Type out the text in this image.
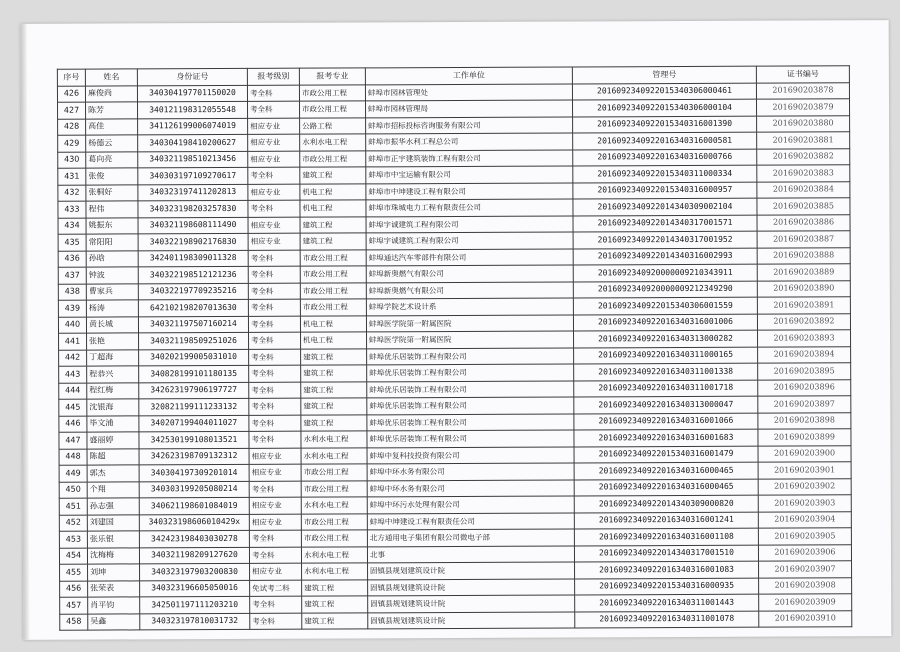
序号	姓名	身份证号	报考级别	报考专业	工作单位	管理号	证书编号
426	麻俊尚	340304197701150020	考全科	市政公用工程	蚌埠市园林管理处	2016092340922015340306000461	2016902038​78
427	陈芳	340121198312055548	考全科	市政公用工程	蚌埠市园林管理局	2016092340922015340306000104	2016902038​79
428	高佳	341126199006074019	相应专业	公路工程	蚌埠市招标投标咨询服务有限公司	2016092340922015340316001390	2016902038​80
429	杨德云	340304198410200627	相应专业	水利水电工程	蚌埠市振华水利工程总公司	2016092340922016340316000581	2016902038​81
430	葛向亮	340321198510213456	相应专业	市政公用工程	蚌埠市正宇建筑装饰工程有限公司	2016092340922016340316000766	2016902038​82
431	张俊	340303197109270617	考全科	建筑工程	蚌埠市中宝运输有限公司	2016092340922015340311000334	2016902038​83
432	张桐好	340323197411202813	相应专业	机电工程	蚌埠市中坤建设工程有限公司	2016092340922015340316000957	2016902038​84
433	程伟	340323198203257830	考全科	机电工程	蚌埠市珠城电力工程有限责任公司	2016092340922014340309002104	2016902038​85
434	姚振东	340321198608111490	相应专业	建筑工程	蚌埠宇诚建筑工程有限公司	2016092340922014340317001571	2016902038​86
435	常阳阳	340322198902176830	相应专业	建筑工程	蚌埠宇诚建筑工程有限公司	2016092340922014340317001952	2016902038​87
436	孙晗	342401198309011328	考全科	市政公用工程	蚌埠通达汽车零部件有限公司	2016092340922014340316002993	2016902038​88
437	钟波	340322198512121236	考全科	市政公用工程	蚌埠新奥燃气有限公司	2016092340920000009210343911	2016902038​89
438	曹家兵	340322197709235216	考全科	市政公用工程	蚌埠新奥燃气有限公司	2016092340920000009212349290	2016902038​90
439	杨涛	642102198207013630	考全科	市政公用工程	蚌埠学院艺术设计系	2016092340922015340306001559	2016902038​91
440	黄长城	340321197507160214	考全科	机电工程	蚌埠医学院第一附属医院	2016092340922016340316001006	2016902038​92
441	张艳	340321198509251026	考全科	机电工程	蚌埠医学院第一附属医院	2016092340922016340313000282	2016902038​93
442	丁超海	340202199005031010	考全科	建筑工程	蚌埠优乐居装饰工程有限公司	2016092340922016340311000165	2016902038​94
443	程恭兴	340828199101180135	考全科	建筑工程	蚌埠优乐居装饰工程有限公司	2016092340922016340311001338	2016902038​95
444	程红梅	342623197906197727	考全科	建筑工程	蚌埠优乐居装饰工程有限公司	2016092340922016340311001718	2016902038​96
445	沈银海	320821199111233132	考全科	建筑工程	蚌埠优乐居装饰工程有限公司	2016092340922016340313000047	2016902038​97
446	毕文浦	340207199404011027	考全科	建筑工程	蚌埠优乐居装饰工程有限公司	2016092340922016340316001066	2016902038​98
447	盛丽婷	342530199108013521	考全科	水利水电工程	蚌埠优乐居装饰工程有限公司	2016092340922016340316001683	2016902038​99
448	陈超	342623198709132312	相应专业	水利水电工程	蚌埠中复科技投资有限公司	2016092340922015340316001479	2016902039​00
449	郭杰	340304197309201014	相应专业	市政公用工程	蚌埠中环水务有限公司	2016092340922016340316000465	2016902039​01
450	个翔	340303199205080214	考全科	市政公用工程	蚌埠中环水务有限公司	2016092340922016340316000465	2016902039​02
451	孙志强	340621198601084019	相应专业	水利水电工程	蚌埠中环污水处理有限公司	2016092340922014340309000820	2016902039​03
452	刘建国	340323198606010429x	相应专业	市政公用工程	蚌埠中坤建设工程有限责任公司	2016092340922016340316001241	2016902039​04
453	张乐银	342423198403030278	考全科	市政公用工程	北方通用电子集团有限公司微电子部	2016092340922016340316001108	2016902039​05
454	沈梅梅	340321198209127620	考全科	水利水电工程	北事	2016092340922014340317001510	2016902039​06
455	刘坤	340323197903200830	相应专业	水利水电工程	固镇县规划建筑设计院	2016092340922016340316001083	2016902039​07
456	张荣表	340323196605050016	免试考二科	建筑工程	固镇县规划建筑设计院	2016092340922015340316000935	2016902039​08
457	肖平钧	342501197111203210	考全科	建筑工程	固镇县规划建筑设计院	2016092340922016340311001443	2016902039​09
458	吴鑫	340323197810031732	考全科	建筑工程	固镇县规划建筑设计院	2016092340922016340311001078	2016902039​10
